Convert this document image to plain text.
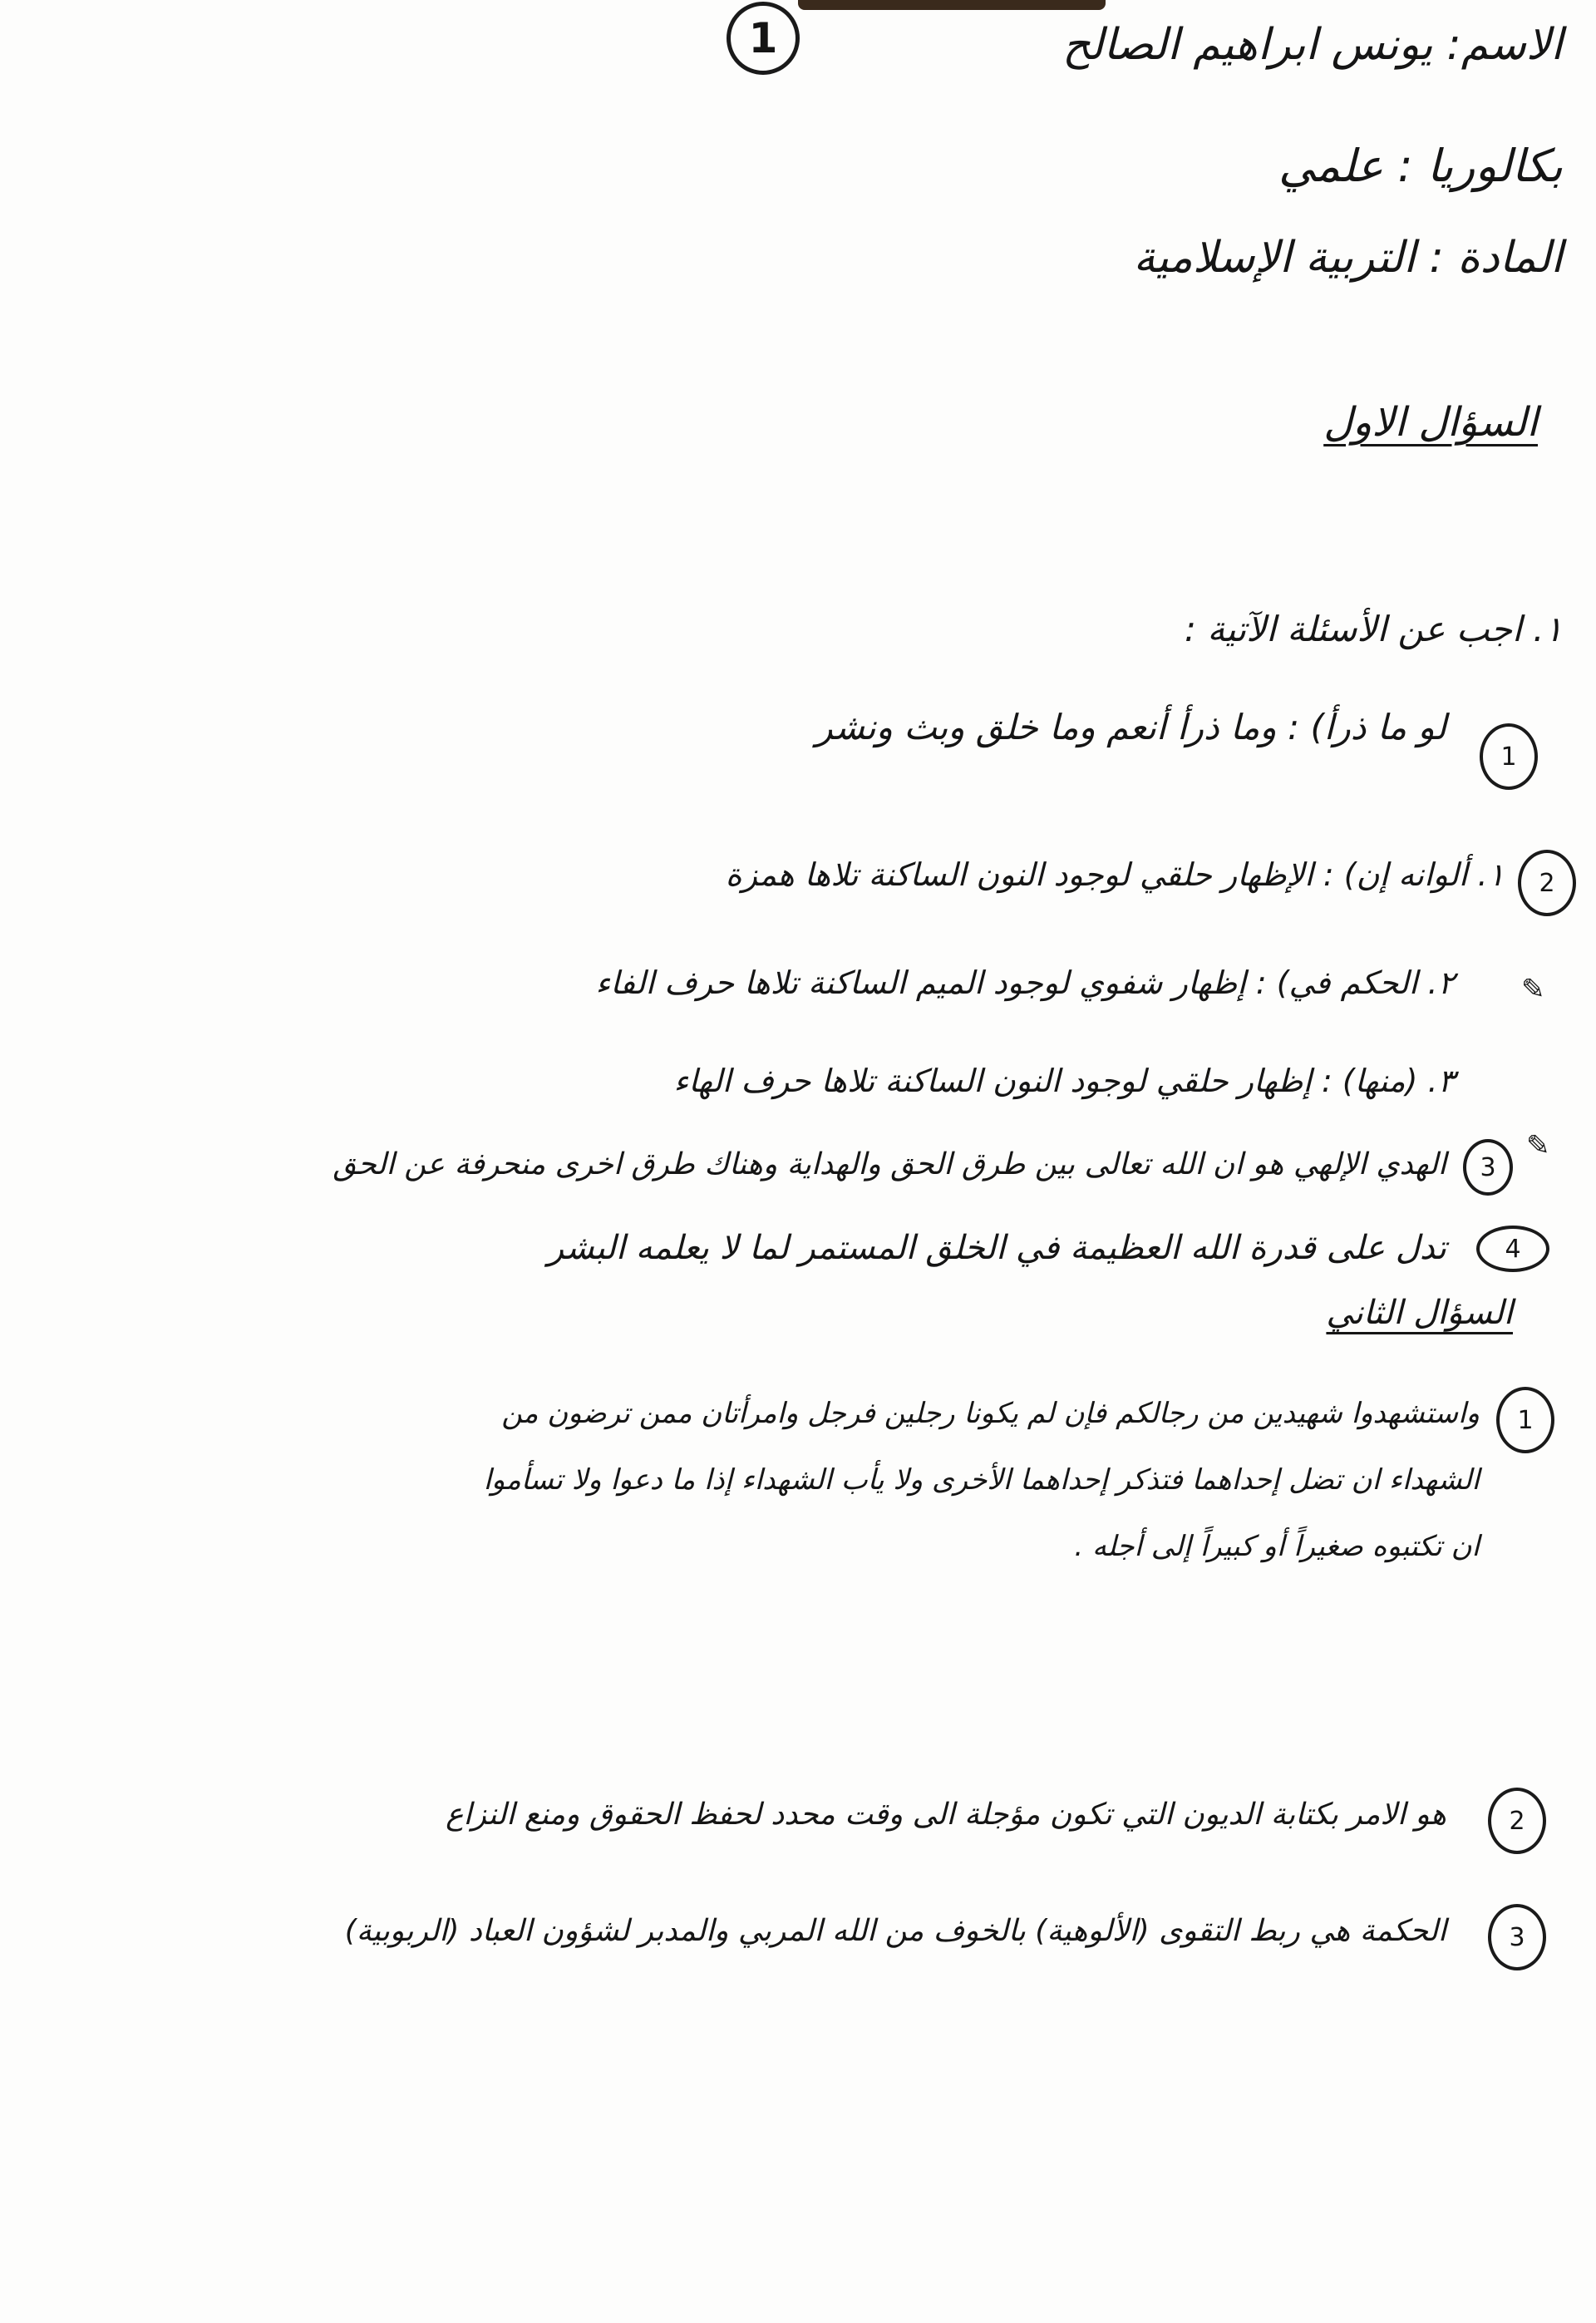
1	الاسم: يونس ابراهيم الصالح
بكالوريا : علمي
المادة : التربية الإسلامية
السؤال الاول
١. اجب عن الأسئلة الآتية :
1
لو ما ذرأ) : وما ذرأ أنعم وما خلق وبث ونشر
2
١. ألوانه إن) : الإظهار حلقي لوجود النون الساكنة تلاها همزة
✎
٢. الحكم في) : إظهار شفوي لوجود الميم الساكنة تلاها حرف الفاء
٣. (منها) : إظهار حلقي لوجود النون الساكنة تلاها حرف الهاء
✎
3
الهدي الإلهي هو ان الله تعالى بين طرق الحق والهداية وهناك طرق اخرى منحرفة عن الحق
4
تدل على قدرة الله العظيمة في الخلق المستمر لما لا يعلمه البشر
السؤال الثاني
1
واستشهدوا شهيدين من رجالكم فإن لم يكونا رجلين فرجل وامرأتان ممن ترضون من
الشهداء ان تضل إحداهما فتذكر إحداهما الأخرى ولا يأب الشهداء إذا ما دعوا ولا تسأموا
ان تكتبوه صغيراً أو كبيراً إلى أجله .
2
هو الامر بكتابة الديون التي تكون مؤجلة الى وقت محدد لحفظ الحقوق ومنع النزاع
3
الحكمة هي ربط التقوى (الألوهية) بالخوف من الله المربي والمدبر لشؤون العباد (الربوبية)
